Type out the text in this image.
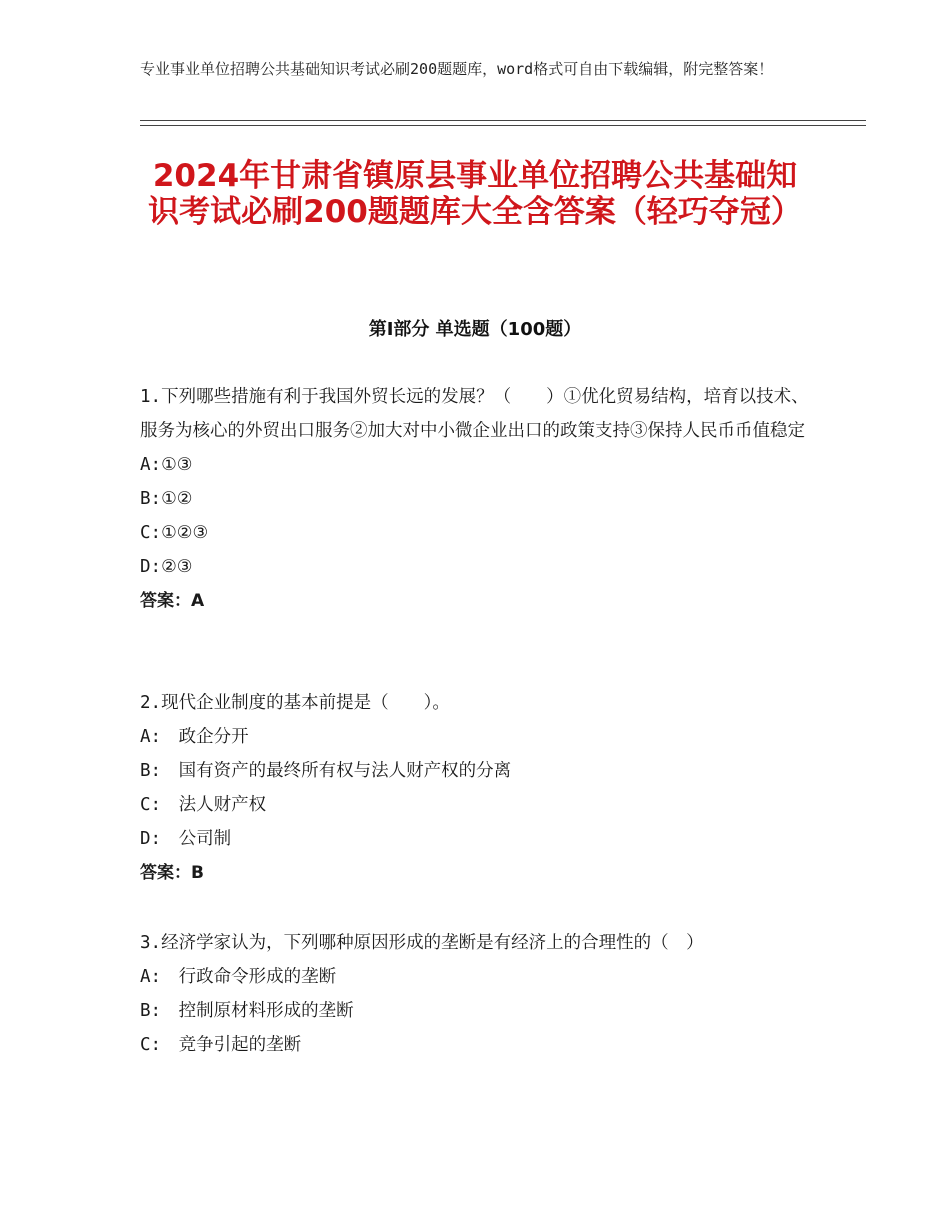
专业事业单位招聘公共基础知识考试必刷200题题库，word格式可自由下载编辑，附完整答案！
2024年甘肃省镇原县事业单位招聘公共基础知识考试必刷200题题库大全含答案（轻巧夺冠）
第I部分 单选题（100题）

1.下列哪些措施有利于我国外贸长远的发展？（　　）①优化贸易结构，培育以技术、服务为核心的外贸出口服务②加大对中小微企业出口的政策支持③保持人民币币值稳定

A:①③

B:①②

C:①②③

D:②③

答案：A

2.现代企业制度的基本前提是（　　）。

A:　政企分开

B:　国有资产的最终所有权与法人财产权的分离

C:　法人财产权

D:　公司制

答案：B

3.经济学家认为，下列哪种原因形成的垄断是有经济上的合理性的（　）

A:　行政命令形成的垄断

B:　控制原材料形成的垄断

C:　竞争引起的垄断
